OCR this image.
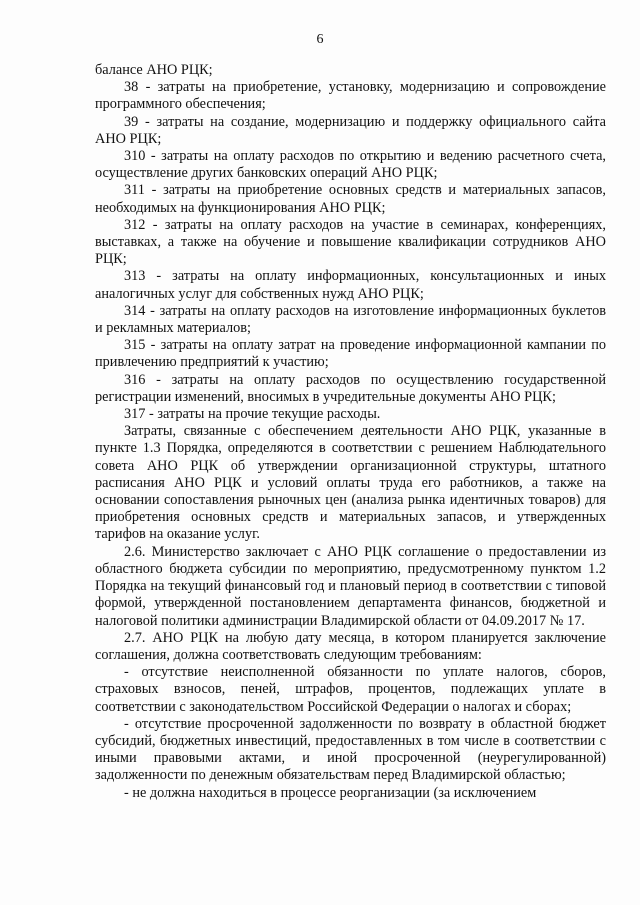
6

балансе АНО РЦК;

38 - затраты на приобретение, установку, модернизацию и сопровождение программного обеспечения;

39 - затраты на создание, модернизацию и поддержку официального сайта АНО РЦК;

310 - затраты на оплату расходов по открытию и ведению расчетного счета, осуществление других банковских операций АНО РЦК;

311 - затраты на приобретение основных средств и материальных запасов, необходимых на функционирования АНО РЦК;

312 - затраты на оплату расходов на участие в семинарах, конференциях, выставках, а также на обучение и повышение квалификации сотрудников АНО РЦК;

313 - затраты на оплату информационных, консультационных и иных аналогичных услуг для собственных нужд АНО РЦК;

314 - затраты на оплату расходов на изготовление информационных буклетов и рекламных материалов;

315 - затраты на оплату затрат на проведение информационной кампании по привлечению предприятий к участию;

316 - затраты на оплату расходов по осуществлению государственной регистрации изменений, вносимых в учредительные документы АНО РЦК;

317 - затраты на прочие текущие расходы.

Затраты, связанные с обеспечением деятельности АНО РЦК, указанные в пункте 1.3 Порядка, определяются в соответствии с решением Наблюдательного совета АНО РЦК об утверждении организационной структуры, штатного расписания АНО РЦК и условий оплаты труда его работников, а также на основании сопоставления рыночных цен (анализа рынка идентичных товаров) для приобретения основных средств и материальных запасов, и утвержденных тарифов на оказание услуг.

2.6. Министерство заключает с АНО РЦК соглашение о предоставлении из областного бюджета субсидии по мероприятию, предусмотренному пунктом 1.2 Порядка на текущий финансовый год и плановый период в соответствии с типовой формой, утвержденной постановлением департамента финансов, бюджетной и налоговой политики администрации Владимирской области от 04.09.2017 № 17.

2.7. АНО РЦК на любую дату месяца, в котором планируется заключение соглашения, должна соответствовать следующим требованиям:

- отсутствие неисполненной обязанности по уплате налогов, сборов, страховых взносов, пеней, штрафов, процентов, подлежащих уплате в соответствии с законодательством Российской Федерации о налогах и сборах;

- отсутствие просроченной задолженности по возврату в областной бюджет субсидий, бюджетных инвестиций, предоставленных в том числе в соответствии с иными правовыми актами, и иной просроченной (неурегулированной) задолженности по денежным обязательствам перед Владимирской областью;

- не должна находиться в процессе реорганизации (за исключением
